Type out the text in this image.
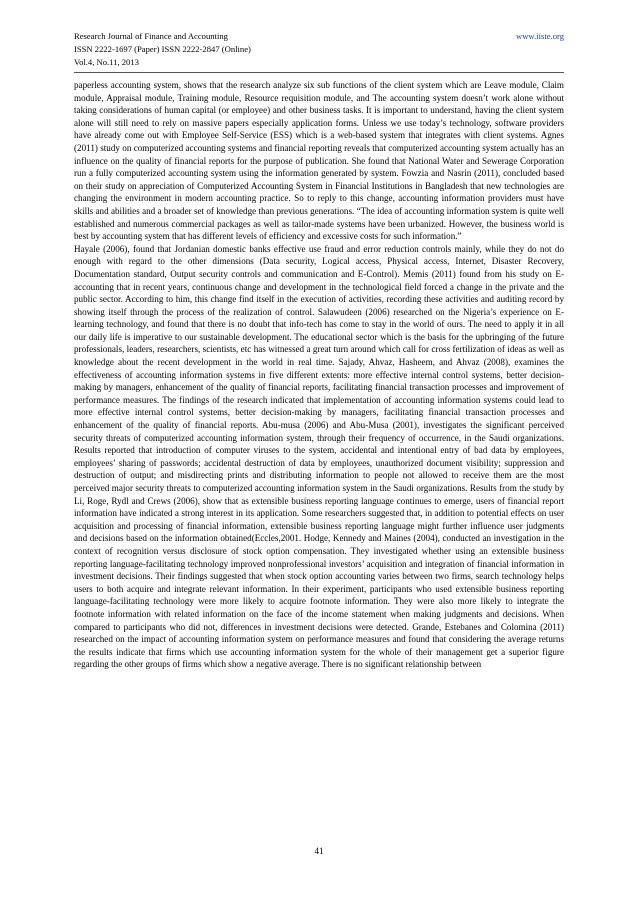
Research Journal of Finance and Accounting	www.iiste.org
ISSN 2222-1697 (Paper) ISSN 2222-2847 (Online)
Vol.4, No.11, 2013

paperless accounting system, shows that the research analyze six sub functions of the client system which are Leave module, Claim module, Appraisal module, Training module, Resource requisition module, and The accounting system doesn’t work alone without taking considerations of human capital (or employee) and other business tasks. It is important to understand, having the client system alone will still need to rely on massive papers especially application forms. Unless we use today’s technology, software providers have already come out with Employee Self-Service (ESS) which is a web-based system that integrates with client systems. Agnes (2011) study on computerized accounting systems and financial reporting reveals that computerized accounting system actually has an influence on the quality of financial reports for the purpose of publication. She found that National Water and Sewerage Corporation run a fully computerized accounting system using the information generated by system. Fowzia and Nasrin (2011), concluded based on their study on appreciation of Computerized Accounting System in Financial Institutions in Bangladesh that new technologies are changing the environment in modern accounting practice. So to reply to this change, accounting information providers must have skills and abilities and a broader set of knowledge than previous generations. “The idea of accounting information system is quite well established and numerous commercial packages as well as tailor-made systems have been urbanized. However, the business world is best by accounting system that has different levels of efficiency and excessive costs for such information.”

Hayale (2006), found that Jordanian domestic banks effective use fraud and error reduction controls mainly, while they do not do enough with regard to the other dimensions (Data security, Logical access, Physical access, Internet, Disaster Recovery, Documentation standard, Output security controls and communication and E-Control). Memis (2011) found from his study on E-accounting that in recent years, continuous change and development in the technological field forced a change in the private and the public sector. According to him, this change find itself in the execution of activities, recording these activities and auditing record by showing itself through the process of the realization of control. Salawudeen (2006) researched on the Nigeria’s experience on E-learning technology, and found that there is no doubt that info-tech has come to stay in the world of ours. The need to apply it in all our daily life is imperative to our sustainable development. The educational sector which is the basis for the upbringing of the future professionals, leaders, researchers, scientists, etc has witnessed a great turn around which call for cross fertilization of ideas as well as knowledge about the recent development in the world in real time. Sajady, Ahvaz, Hasheem, and Ahvaz (2008), examines the effectiveness of accounting information systems in five different extents: more effective internal control systems, better decision-making by managers, enhancement of the quality of financial reports, facilitating financial transaction processes and improvement of performance measures. The findings of the research indicated that implementation of accounting information systems could lead to more effective internal control systems, better decision-making by managers, facilitating financial transaction processes and enhancement of the quality of financial reports. Abu-musa (2006) and Abu-Musa (2001), investigates the significant perceived security threats of computerized accounting information system, through their frequency of occurrence, in the Saudi organizations. Results reported that introduction of computer viruses to the system, accidental and intentional entry of bad data by employees, employees’ sharing of passwords; accidental destruction of data by employees, unauthorized document visibility; suppression and destruction of output; and misdirecting prints and distributing information to people not allowed to receive them are the most perceived major security threats to computerized accounting information system in the Saudi organizations. Results from the study by Li, Roge, Rydl and Crews (2006), show that as extensible business reporting language continues to emerge, users of financial report information have indicated a strong interest in its application. Some researchers suggested that, in addition to potential effects on user acquisition and processing of financial information, extensible business reporting language might further influence user judgments and decisions based on the information obtained(Eccles,2001. Hodge, Kennedy and Maines (2004), conducted an investigation in the context of recognition versus disclosure of stock option compensation. They investigated whether using an extensible business reporting language-facilitating technology improved nonprofessional investors’ acquisition and integration of financial information in investment decisions. Their findings suggested that when stock option accounting varies between two firms, search technology helps users to both acquire and integrate relevant information. In their experiment, participants who used extensible business reporting language-facilitating technology were more likely to acquire footnote information. They were also more likely to integrate the footnote information with related information on the face of the income statement when making judgments and decisions. When compared to participants who did not, differences in investment decisions were detected. Grande, Estebanes and Colomina (2011) researched on the impact of accounting information system on performance measures and found that considering the average returns the results indicate that firms which use accounting information system for the whole of their management get a superior figure regarding the other groups of firms which show a negative average. There is no significant relationship between

41
